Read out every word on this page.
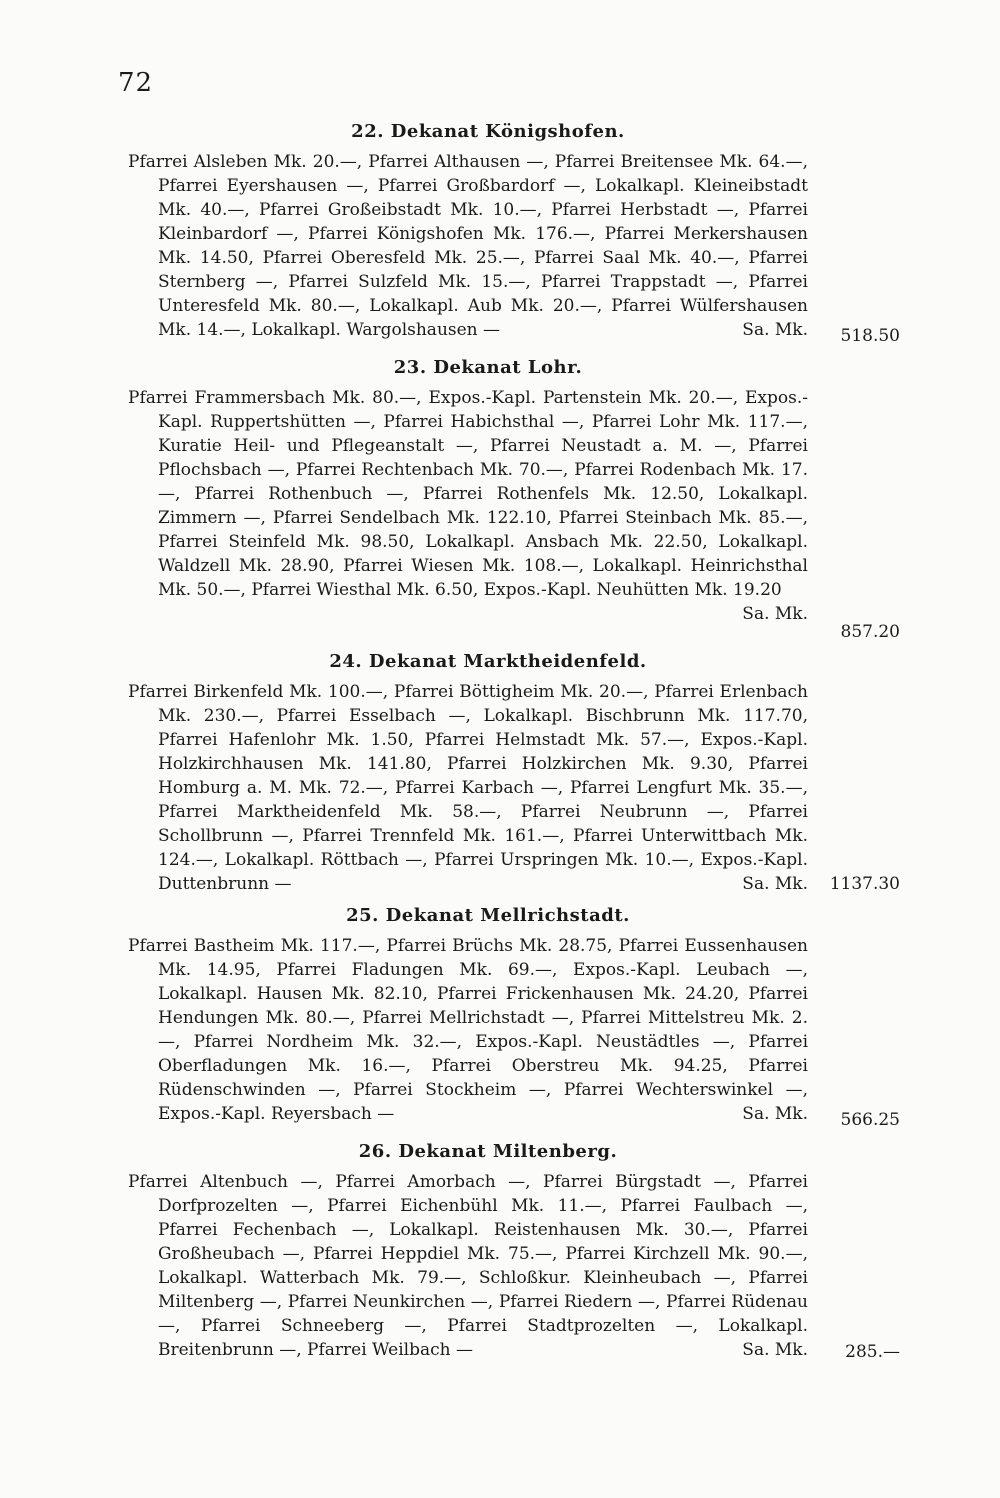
72
22. Dekanat Königshofen.
Pfarrei Alsleben Mk. 20.—, Pfarrei Althausen —, Pfarrei Breitensee Mk. 64.—, Pfarrei Eyershausen —, Pfarrei Großbardorf —, Lokalkapl. Kleineibstadt Mk. 40.—, Pfarrei Großeibstadt Mk. 10.—, Pfarrei Herbstadt —, Pfarrei Kleinbardorf —, Pfarrei Königshofen Mk. 176.—, Pfarrei Merkershausen Mk. 14.50, Pfarrei Oberesfeld Mk. 25.—, Pfarrei Saal Mk. 40.—, Pfarrei Sternberg —, Pfarrei Sulzfeld Mk. 15.—, Pfarrei Trappstadt —, Pfarrei Unteresfeld Mk. 80.—, Lokalkapl. Aub Mk. 20.—, Pfarrei Wülfershausen Mk. 14.—, Lokalkapl. Wargolshausen —	Sa. Mk.	518.50
23. Dekanat Lohr.
Pfarrei Frammersbach Mk. 80.—, Expos.-Kapl. Partenstein Mk. 20.—, Expos.-Kapl. Ruppertshütten —, Pfarrei Habichsthal —, Pfarrei Lohr Mk. 117.—, Kuratie Heil- und Pflegeanstalt —, Pfarrei Neustadt a. M. —, Pfarrei Pflochsbach —, Pfarrei Rechtenbach Mk. 70.—, Pfarrei Rodenbach Mk. 17.—, Pfarrei Rothenbuch —, Pfarrei Rothenfels Mk. 12.50, Lokalkapl. Zimmern —, Pfarrei Sendelbach Mk. 122.10, Pfarrei Steinbach Mk. 85.—, Pfarrei Steinfeld Mk. 98.50, Lokalkapl. Ansbach Mk. 22.50, Lokalkapl. Waldzell Mk. 28.90, Pfarrei Wiesen Mk. 108.—, Lokalkapl. Heinrichsthal Mk. 50.—, Pfarrei Wiesthal Mk. 6.50, Expos.-Kapl. Neuhütten Mk. 19.20
Sa. Mk.
857.20
24. Dekanat Marktheidenfeld.
Pfarrei Birkenfeld Mk. 100.—, Pfarrei Böttigheim Mk. 20.—, Pfarrei Erlenbach Mk. 230.—, Pfarrei Esselbach —, Lokalkapl. Bischbrunn Mk. 117.70, Pfarrei Hafenlohr Mk. 1.50, Pfarrei Helmstadt Mk. 57.—, Expos.-Kapl. Holzkirchhausen Mk. 141.80, Pfarrei Holzkirchen Mk. 9.30, Pfarrei Homburg a. M. Mk. 72.—, Pfarrei Karbach —, Pfarrei Lengfurt Mk. 35.—, Pfarrei Marktheidenfeld Mk. 58.—, Pfarrei Neubrunn —, Pfarrei Schollbrunn —, Pfarrei Trennfeld Mk. 161.—, Pfarrei Unterwittbach Mk. 124.—, Lokalkapl. Röttbach —, Pfarrei Urspringen Mk. 10.—, Expos.-Kapl. Duttenbrunn —	Sa. Mk.	1137.30
25. Dekanat Mellrichstadt.
Pfarrei Bastheim Mk. 117.—, Pfarrei Brüchs Mk. 28.75, Pfarrei Eussenhausen Mk. 14.95, Pfarrei Fladungen Mk. 69.—, Expos.-Kapl. Leubach —, Lokalkapl. Hausen Mk. 82.10, Pfarrei Frickenhausen Mk. 24.20, Pfarrei Hendungen Mk. 80.—, Pfarrei Mellrichstadt —, Pfarrei Mittelstreu Mk. 2.—, Pfarrei Nordheim Mk. 32.—, Expos.-Kapl. Neustädtles —, Pfarrei Oberfladungen Mk. 16.—, Pfarrei Oberstreu Mk. 94.25, Pfarrei Rüdenschwinden —, Pfarrei Stockheim —, Pfarrei Wechterswinkel —, Expos.-Kapl. Reyersbach —	Sa. Mk.	566.25
26. Dekanat Miltenberg.
Pfarrei Altenbuch —, Pfarrei Amorbach —, Pfarrei Bürgstadt —, Pfarrei Dorfprozelten —, Pfarrei Eichenbühl Mk. 11.—, Pfarrei Faulbach —, Pfarrei Fechenbach —, Lokalkapl. Reistenhausen Mk. 30.—, Pfarrei Großheubach —, Pfarrei Heppdiel Mk. 75.—, Pfarrei Kirchzell Mk. 90.—, Lokalkapl. Watterbach Mk. 79.—, Schloßkur. Kleinheubach —, Pfarrei Miltenberg —, Pfarrei Neunkirchen —, Pfarrei Riedern —, Pfarrei Rüdenau —, Pfarrei Schneeberg —, Pfarrei Stadtprozelten —, Lokalkapl. Breitenbrunn —, Pfarrei Weilbach —	Sa. Mk.	285.—
